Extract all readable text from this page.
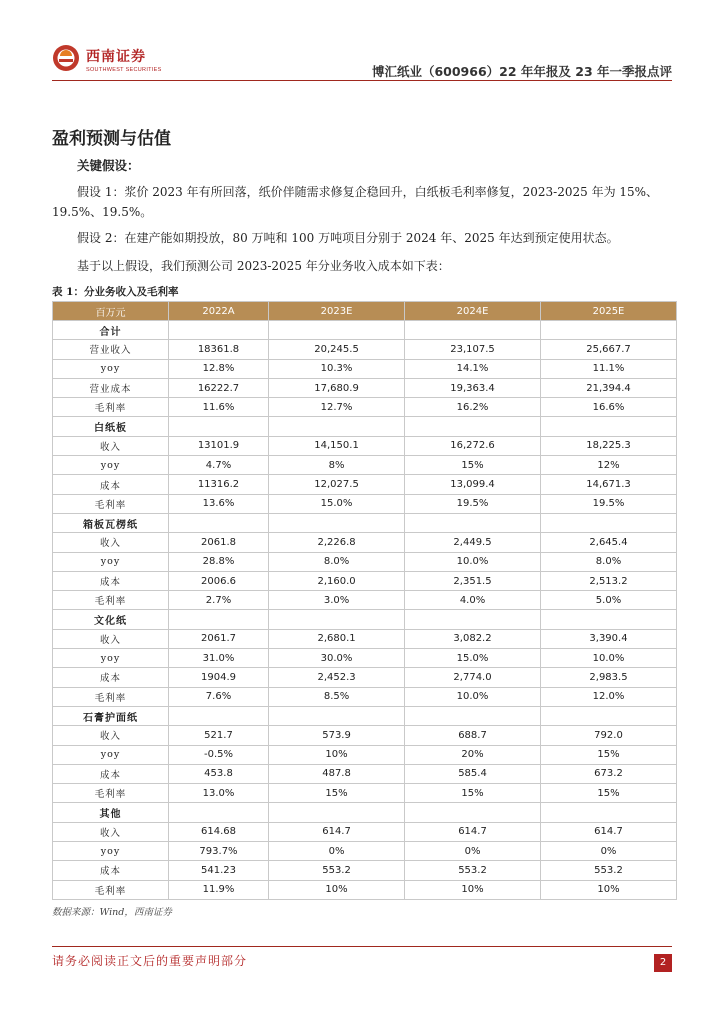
西南证券
SOUTHWEST SECURITIES	博汇纸业（600966）22 年年报及 23 年一季报点评
盈利预测与估值
关键假设：
假设 1：浆价 2023 年有所回落，纸价伴随需求修复企稳回升，白纸板毛利率修复，2023-2025 年为 15%、19.5%、19.5%。
假设 2：在建产能如期投放，80 万吨和 100 万吨项目分别于 2024 年、2025 年达到预定使用状态。
基于以上假设，我们预测公司 2023-2025 年分业务收入成本如下表：
表 1：分业务收入及毛利率
百万元	2022A	2023E	2024E	2025E
合计				
营业收入	18361.8	20,245.5	23,107.5	25,667.7
yoy	12.8%	10.3%	14.1%	11.1%
营业成本	16222.7	17,680.9	19,363.4	21,394.4
毛利率	11.6%	12.7%	16.2%	16.6%
白纸板				
收入	13101.9	14,150.1	16,272.6	18,225.3
yoy	4.7%	8%	15%	12%
成本	11316.2	12,027.5	13,099.4	14,671.3
毛利率	13.6%	15.0%	19.5%	19.5%
箱板瓦楞纸				
收入	2061.8	2,226.8	2,449.5	2,645.4
yoy	28.8%	8.0%	10.0%	8.0%
成本	2006.6	2,160.0	2,351.5	2,513.2
毛利率	2.7%	3.0%	4.0%	5.0%
文化纸				
收入	2061.7	2,680.1	3,082.2	3,390.4
yoy	31.0%	30.0%	15.0%	10.0%
成本	1904.9	2,452.3	2,774.0	2,983.5
毛利率	7.6%	8.5%	10.0%	12.0%
石膏护面纸				
收入	521.7	573.9	688.7	792.0
yoy	-0.5%	10%	20%	15%
成本	453.8	487.8	585.4	673.2
毛利率	13.0%	15%	15%	15%
其他				
收入	614.68	614.7	614.7	614.7
yoy	793.7%	0%	0%	0%
成本	541.23	553.2	553.2	553.2
毛利率	11.9%	10%	10%	10%
数据来源：Wind，西南证券
请务必阅读正文后的重要声明部分	2
